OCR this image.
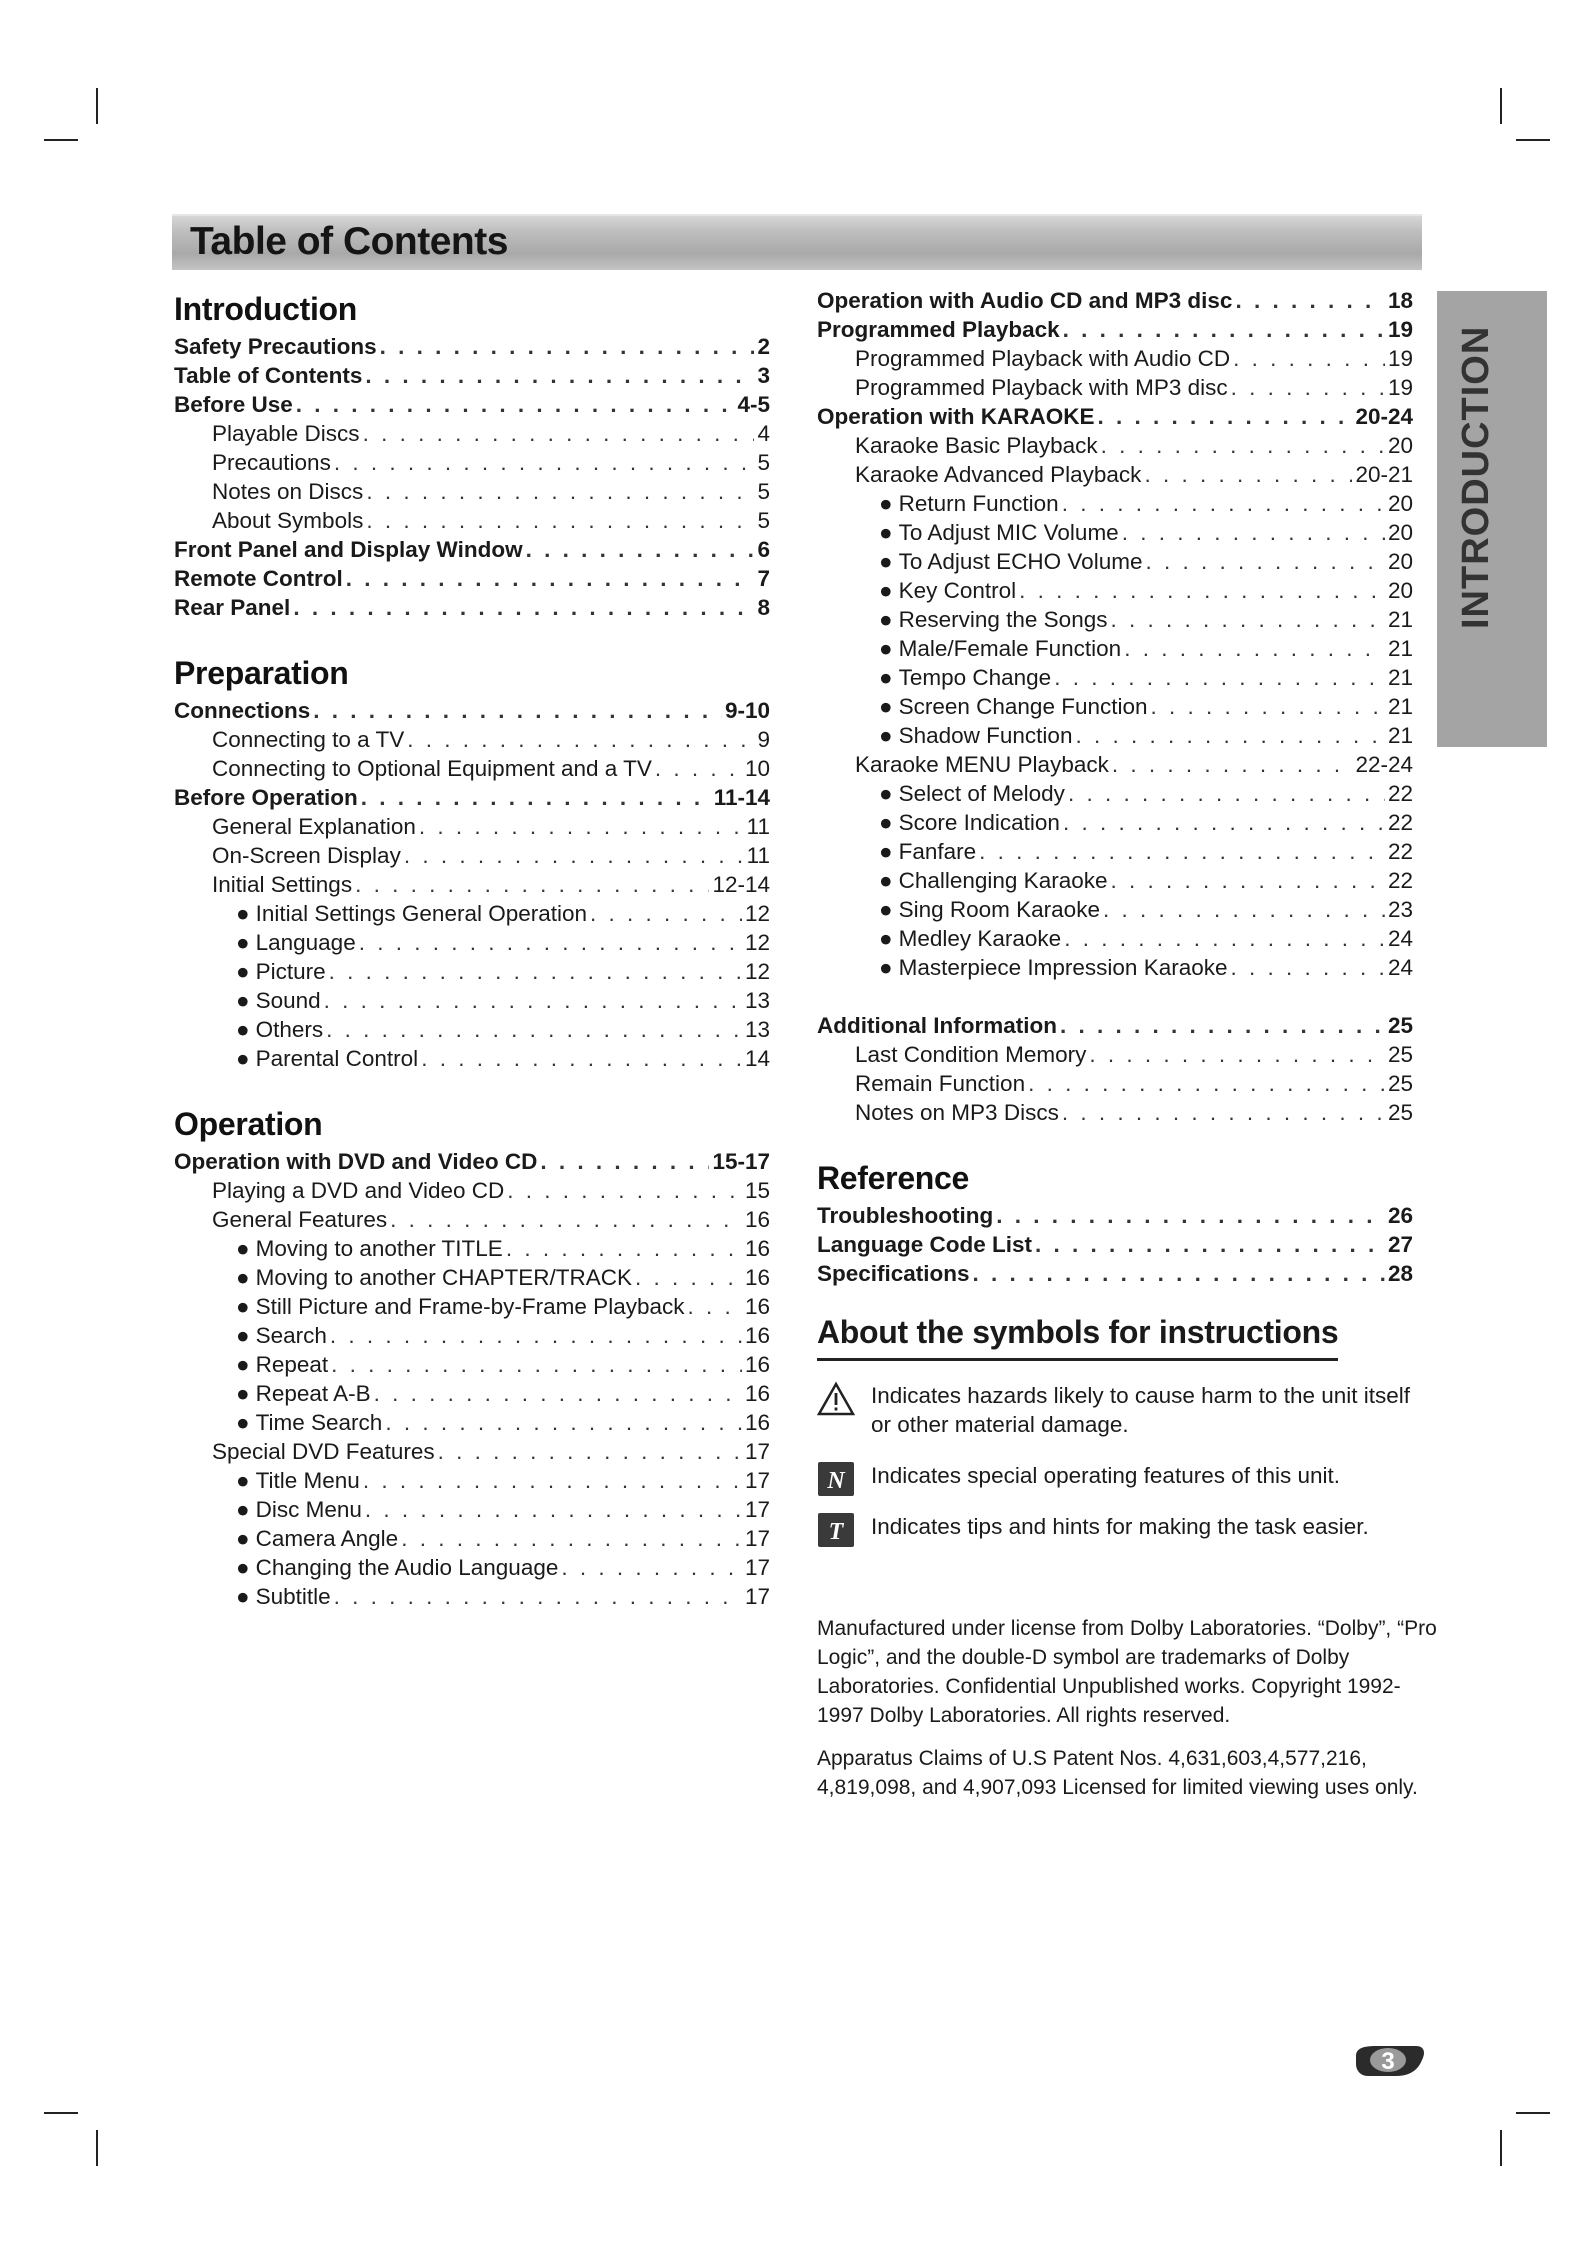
Table of Contents
INTRODUCTION
Introduction
Safety Precautions . . .	2
Table of Contents . . .	3
Before Use . . .	4-5
Playable Discs . . .	4
Precautions . . .	5
Notes on Discs . . .	5
About Symbols . . .	5
Front Panel and Display Window . . .	6
Remote Control . . .	7
Rear Panel . . .	8
Preparation
Connections . . .	9-10
Connecting to a TV . . .	9
Connecting to Optional Equipment and a TV . . .	10
Before Operation . . .	11-14
General Explanation . . .	11
On-Screen Display . . .	11
Initial Settings . . .	12-14
● Initial Settings General Operation . . .	12
● Language . . .	12
● Picture . . .	12
● Sound . . .	13
● Others . . .	13
● Parental Control . . .	14
Operation
Operation with DVD and Video CD . . .	15-17
Playing a DVD and Video CD . . .	15
General Features . . .	16
● Moving to another TITLE . . .	16
● Moving to another CHAPTER/TRACK . . .	16
● Still Picture and Frame-by-Frame Playback . . .	16
● Search . . .	16
● Repeat . . .	16
● Repeat A-B . . .	16
● Time Search . . .	16
Special DVD Features . . .	17
● Title Menu . . .	17
● Disc Menu . . .	17
● Camera Angle . . .	17
● Changing the Audio Language . . .	17
● Subtitle . . .	17
Operation with Audio CD and MP3 disc . . .	18
Programmed Playback . . .	19
Programmed Playback with Audio CD . . .	19
Programmed Playback with MP3 disc . . .	19
Operation with KARAOKE . . .	20-24
Karaoke Basic Playback . . .	20
Karaoke Advanced Playback . . .	20-21
● Return Function . . .	20
● To Adjust MIC Volume . . .	20
● To Adjust ECHO Volume . . .	20
● Key Control . . .	20
● Reserving the Songs . . .	21
● Male/Female Function . . .	21
● Tempo Change . . .	21
● Screen Change Function . . .	21
● Shadow Function . . .	21
Karaoke MENU Playback . . .	22-24
● Select of Melody . . .	22
● Score Indication . . .	22
● Fanfare . . .	22
● Challenging Karaoke . . .	22
● Sing Room Karaoke . . .	23
● Medley Karaoke . . .	24
● Masterpiece Impression Karaoke . . .	24
Additional Information . . .	25
Last Condition Memory . . .	25
Remain Function . . .	25
Notes on MP3 Discs . . .	25
Reference
Troubleshooting . . .	26
Language Code List . . .	27
Specifications . . .	28
About the symbols for instructions
Indicates hazards likely to cause harm to the unit itself or other material damage.
N Indicates special operating features of this unit.
T Indicates tips and hints for making the task easier.

Manufactured under license from Dolby Laboratories. “Dolby”, “Pro Logic”, and the double-D symbol are trademarks of Dolby Laboratories. Confidential Unpublished works. Copyright 1992-1997 Dolby Laboratories. All rights reserved.

Apparatus Claims of U.S Patent Nos. 4,631,603,4,577,216, 4,819,098, and 4,907,093 Licensed for limited viewing uses only.

3
